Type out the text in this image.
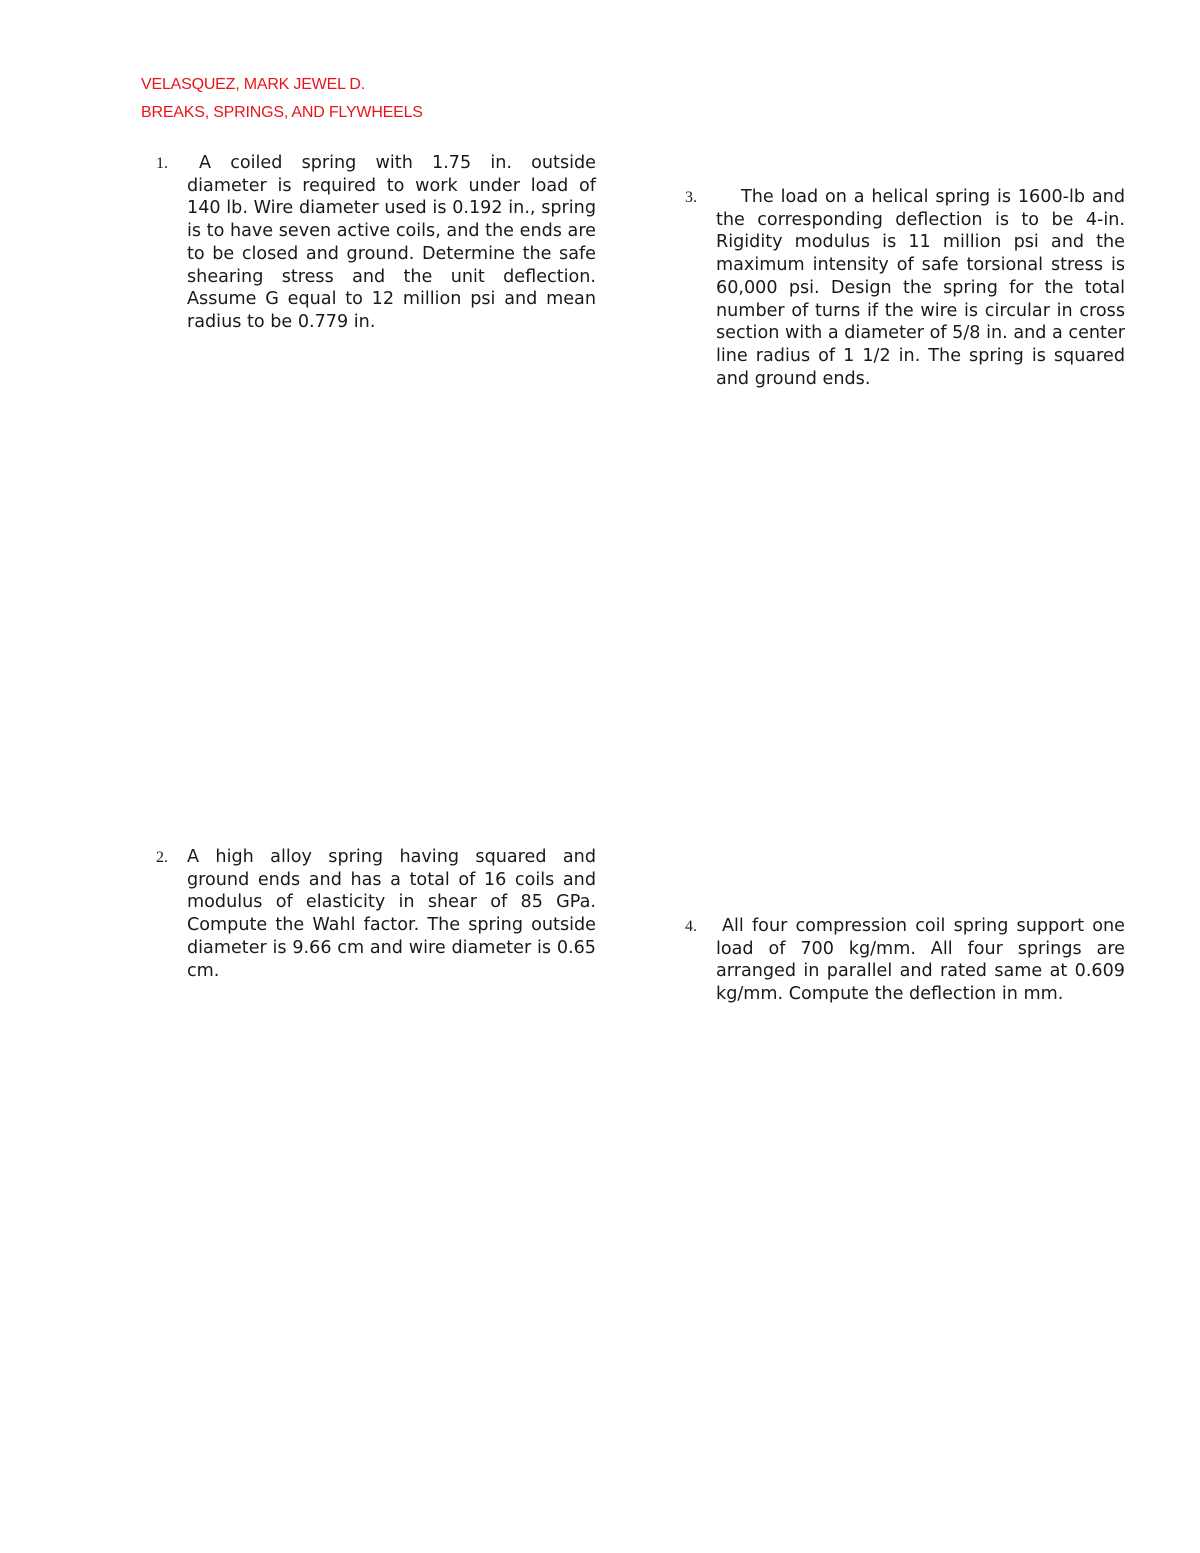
VELASQUEZ, MARK JEWEL D.
BREAKS, SPRINGS, AND FLYWHEELS
1.	A coiled spring with 1.75 in. outside diameter is required to work under load of 140 lb. Wire diameter used is 0.192 in., spring is to have seven active coils, and the ends are to be closed and ground. Determine the safe shearing stress and the unit deflection. Assume G equal to 12 million psi and mean radius to be 0.779 in.
3.	The load on a helical spring is 1600-lb and the corresponding deflection is to be 4-in. Rigidity modulus is 11 million psi and the maximum intensity of safe torsional stress is 60,000 psi. Design the spring for the total number of turns if the wire is circular in cross section with a diameter of 5/8 in. and a center line radius of 1 1/2 in. The spring is squared and ground ends.
2. A high alloy spring having squared and ground ends and has a total of 16 coils and modulus of elasticity in shear of 85 GPa. Compute the Wahl factor. The spring outside diameter is 9.66 cm and wire diameter is 0.65 cm.
4.	All four compression coil spring support one load of 700 kg/mm. All four springs are arranged in parallel and rated same at 0.609 kg/mm. Compute the deflection in mm.
